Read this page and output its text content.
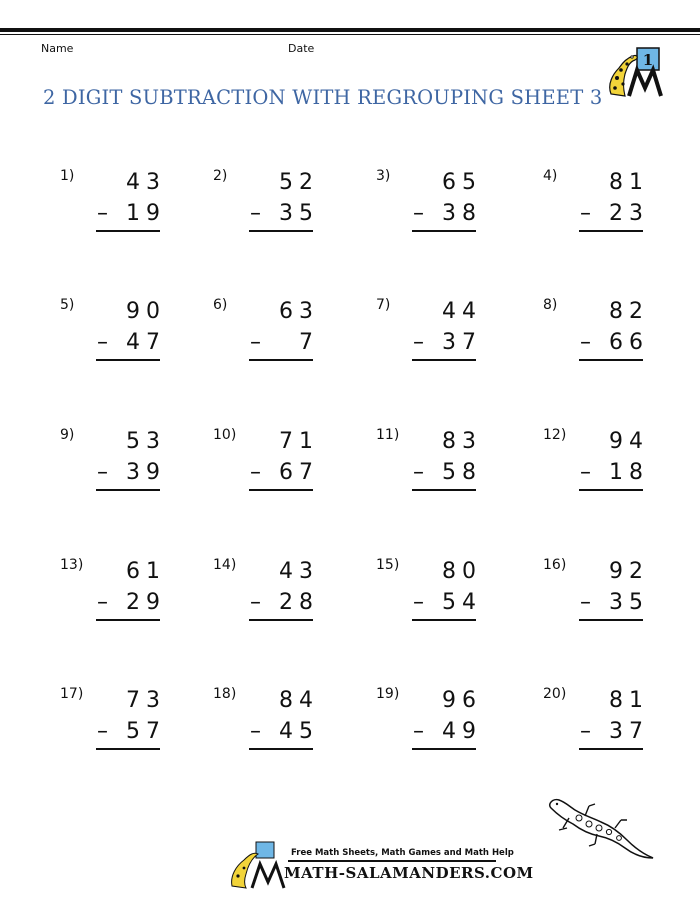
Name	Date
2 DIGIT SUBTRACTION WITH REGROUPING SHEET 3
1
1) 43
– 19
2) 52
– 35
3) 65
– 38
4) 81
– 23
5) 90
– 47
6) 63
– 7
7) 44
– 37
8) 82
– 66
9) 53
– 39
10) 71
– 67
11) 83
– 58
12) 94
– 18
13) 61
– 29
14) 43
– 28
15) 80
– 54
16) 92
– 35
17) 73
– 57
18) 84
– 45
19) 96
– 49
20) 81
– 37
Free Math Sheets, Math Games and Math Help
MATH-SALAMANDERS.COM
